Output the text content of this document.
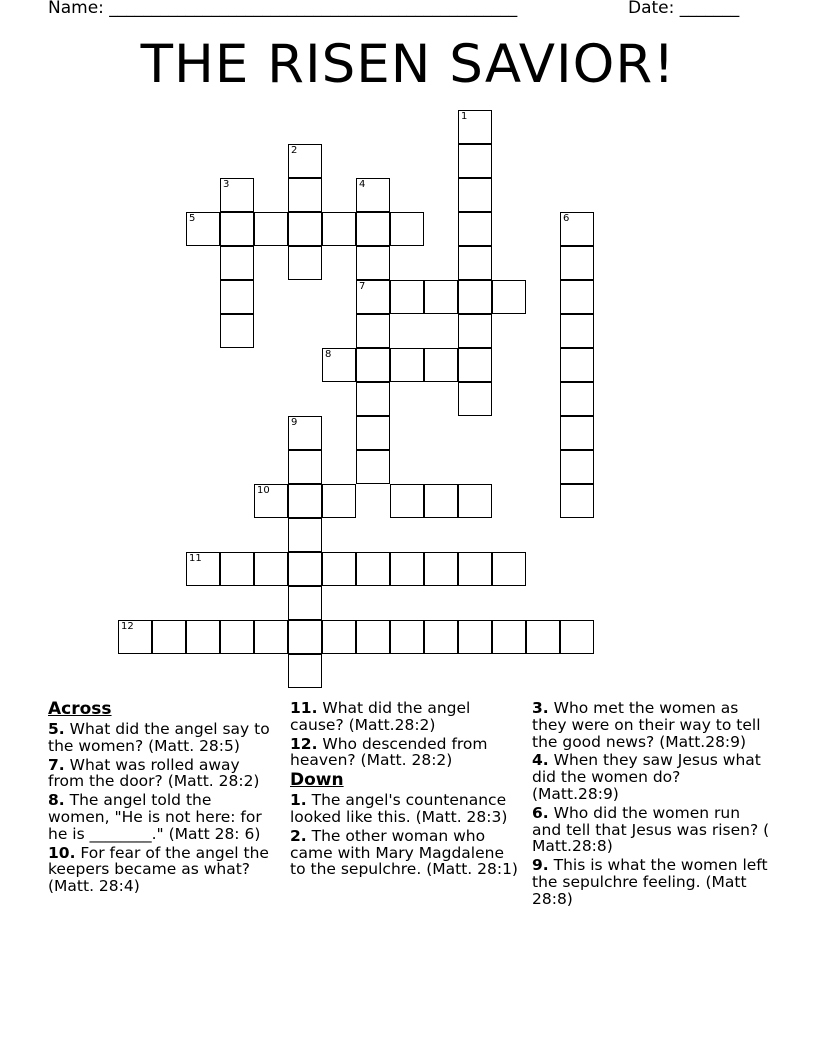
Name: ________________________________________________	Date: _______
THE RISEN SAVIOR!
1
2
3	4
7
5	6
8
9
10
11
12

Across

5. What did the angel say to the women? (Matt. 28:5)

7. What was rolled away from the door? (Matt. 28:2)

8. The angel told the women, "He is not here: for he is ________." (Matt 28: 6)

10. For fear of the angel the keepers became as what? (Matt. 28:4)

11. What did the angel cause? (Matt.28:2)

12. Who descended from heaven? (Matt. 28:2)

Down

1. The angel's countenance looked like this. (Matt. 28:3)

2. The other woman who came with Mary Magdalene to the sepulchre. (Matt. 28:1)

3. Who met the women as they were on their way to tell the good news? (Matt.28:9)

4. When they saw Jesus what did the women do? (Matt.28:9)

6. Who did the women run and tell that Jesus was risen? ( Matt.28:8)

9. This is what the women left the sepulchre feeling. (Matt 28:8)
